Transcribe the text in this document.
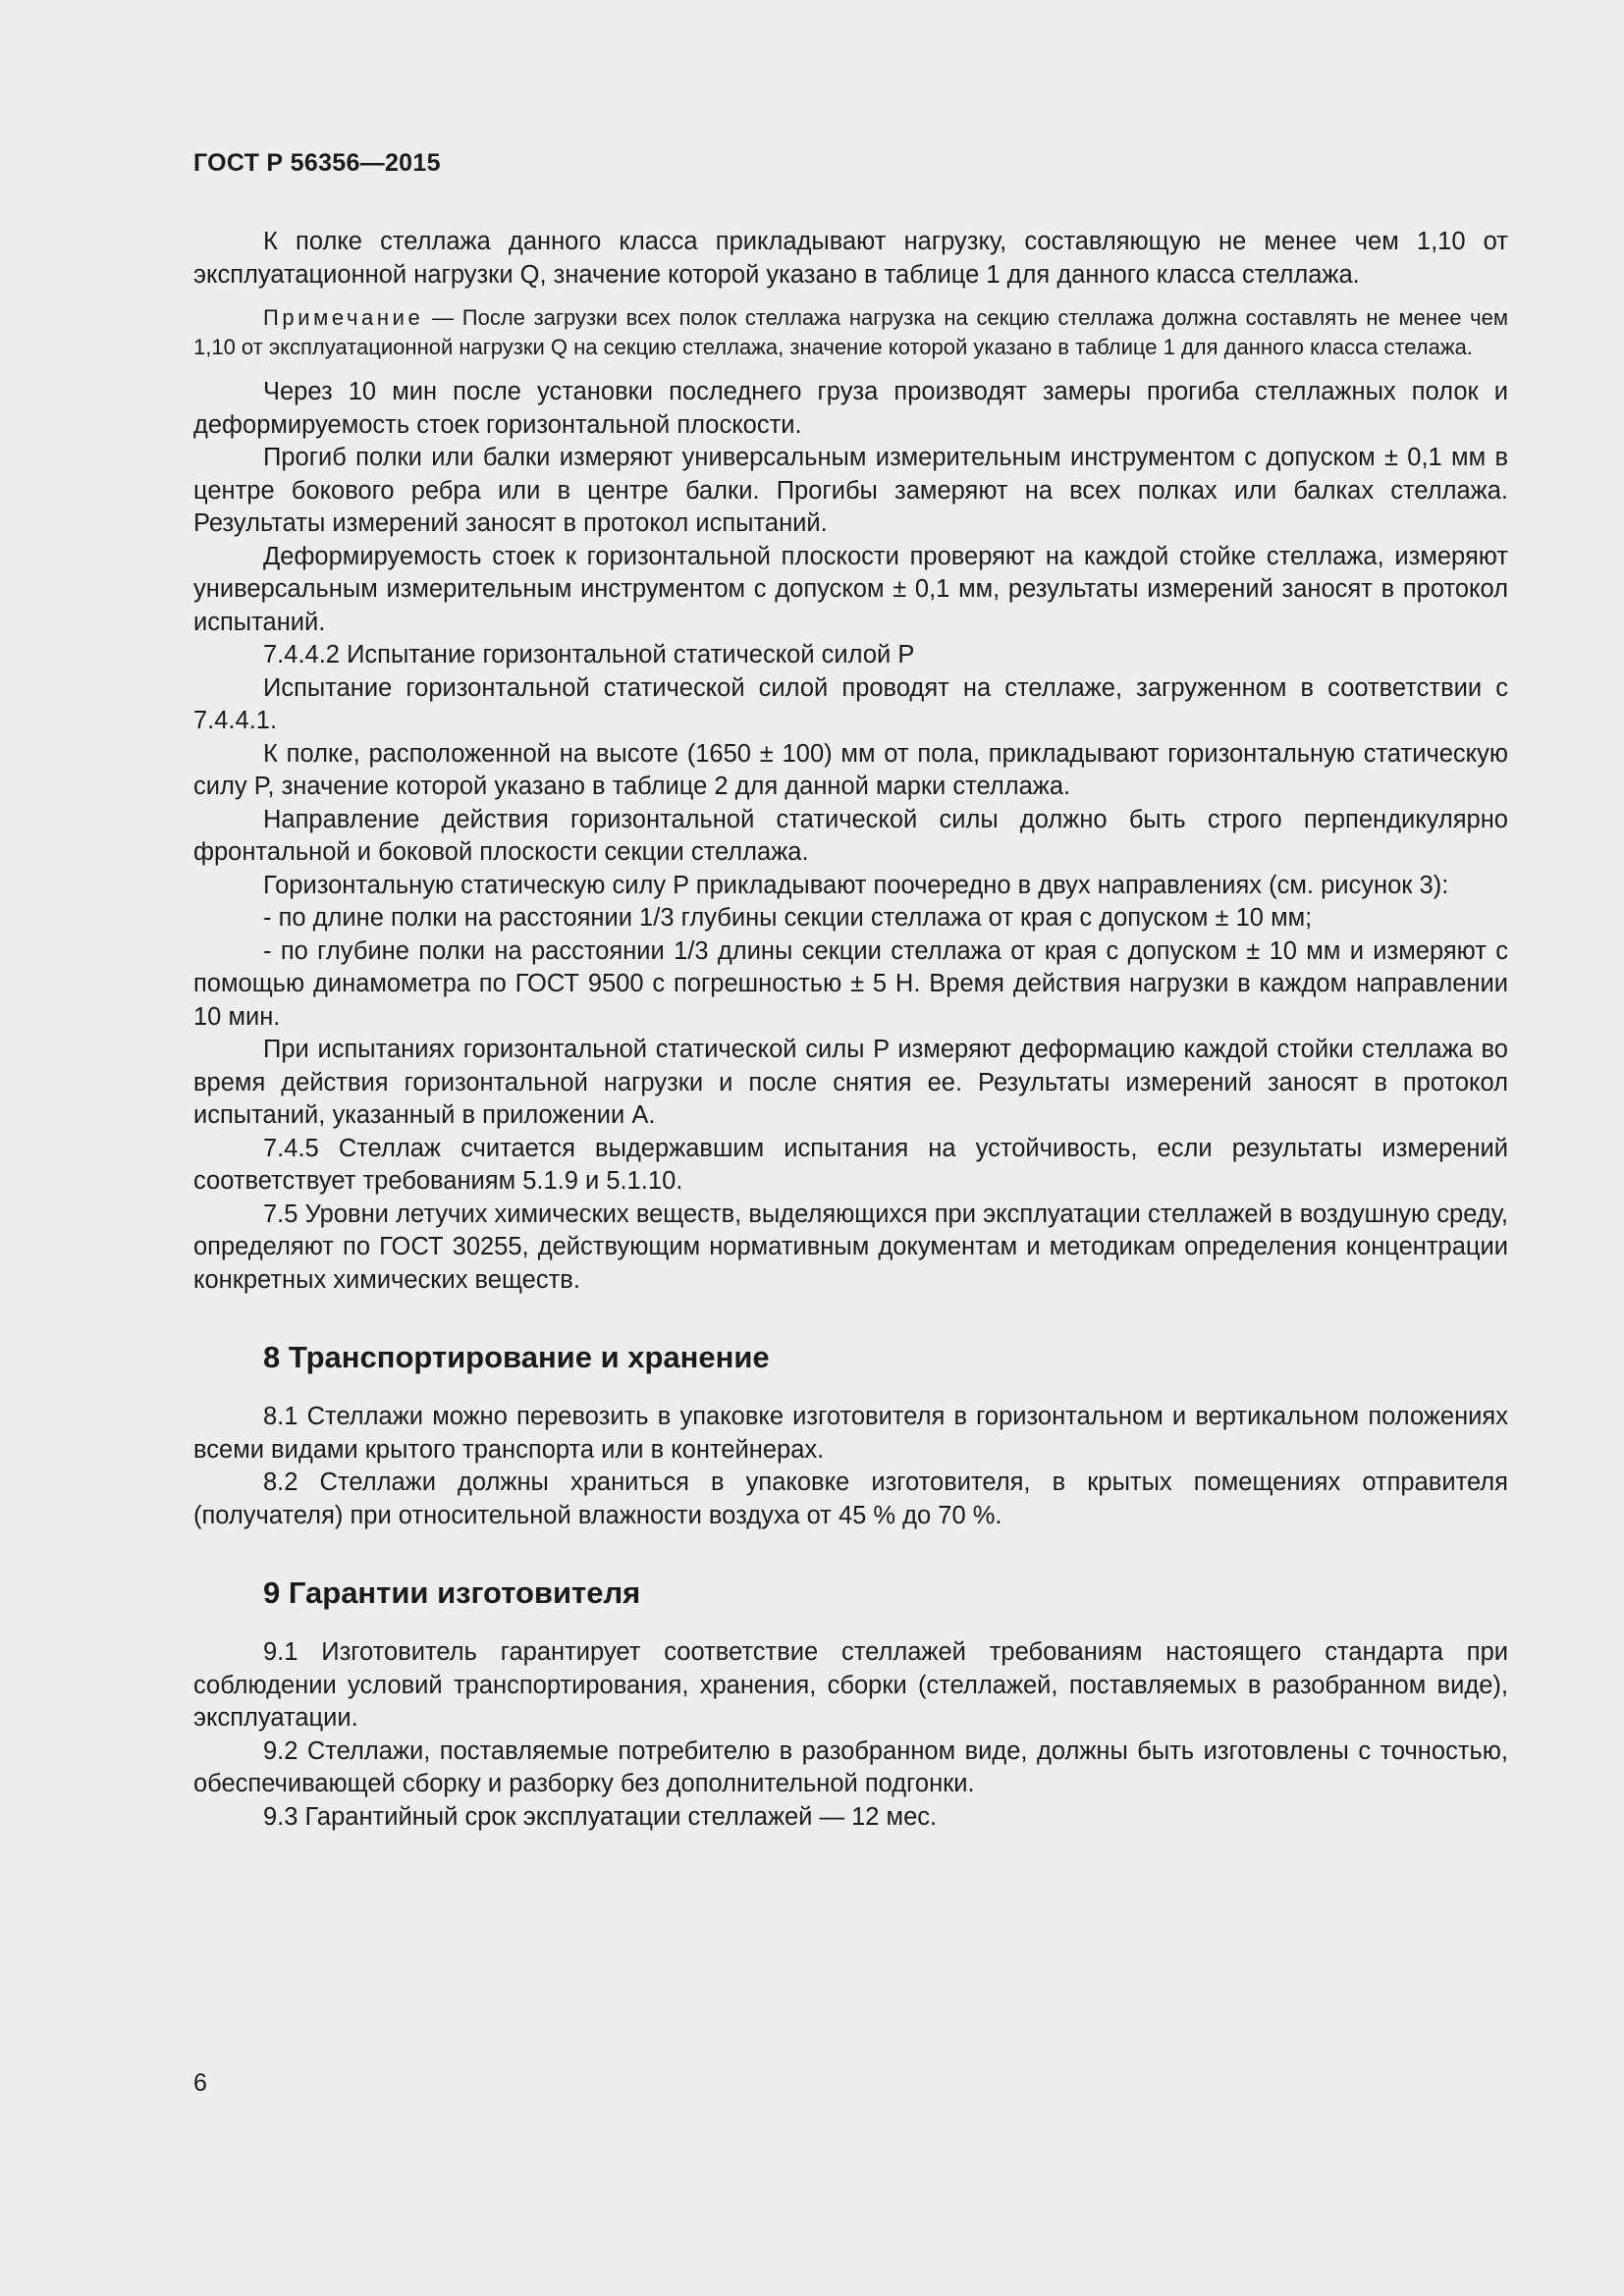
ГОСТ Р 56356—2015

К полке стеллажа данного класса прикладывают нагрузку, составляющую не менее чем 1,10 от эксплуатационной нагрузки Q, значение которой указано в таблице 1 для данного класса стеллажа.

Примечание — После загрузки всех полок стеллажа нагрузка на секцию стеллажа должна составлять не менее чем 1,10 от эксплуатационной нагрузки Q на секцию стеллажа, значение которой указано в таблице 1 для данного класса стелажа.

Через 10 мин после установки последнего груза производят замеры прогиба стеллажных полок и деформируемость стоек горизонтальной плоскости.

Прогиб полки или балки измеряют универсальным измерительным инструментом с допуском ± 0,1 мм в центре бокового ребра или в центре балки. Прогибы замеряют на всех полках или балках стеллажа. Результаты измерений заносят в протокол испытаний.

Деформируемость стоек к горизонтальной плоскости проверяют на каждой стойке стеллажа, измеряют универсальным измерительным инструментом с допуском ± 0,1 мм, результаты измерений заносят в протокол испытаний.

7.4.4.2 Испытание горизонтальной статической силой P

Испытание горизонтальной статической силой проводят на стеллаже, загруженном в соответствии с 7.4.4.1.

К полке, расположенной на высоте (1650 ± 100) мм от пола, прикладывают горизонтальную статическую силу P, значение которой указано в таблице 2 для данной марки стеллажа.

Направление действия горизонтальной статической силы должно быть строго перпендикулярно фронтальной и боковой плоскости секции стеллажа.

Горизонтальную статическую силу P прикладывают поочередно в двух направлениях (см. рисунок 3):

- по длине полки на расстоянии 1/3 глубины секции стеллажа от края с допуском ± 10 мм;

- по глубине полки на расстоянии 1/3 длины секции стеллажа от края с допуском ± 10 мм и измеряют с помощью динамометра по ГОСТ 9500 с погрешностью ± 5 Н. Время действия нагрузки в каждом направлении 10 мин.

При испытаниях горизонтальной статической силы P измеряют деформацию каждой стойки стеллажа во время действия горизонтальной нагрузки и после снятия ее. Результаты измерений заносят в протокол испытаний, указанный в приложении А.

7.4.5 Стеллаж считается выдержавшим испытания на устойчивость, если результаты измерений соответствует требованиям 5.1.9 и 5.1.10.

7.5 Уровни летучих химических веществ, выделяющихся при эксплуатации стеллажей в воздушную среду, определяют по ГОСТ 30255, действующим нормативным документам и методикам определения концентрации конкретных химических веществ.

8 Транспортирование и хранение

8.1 Стеллажи можно перевозить в упаковке изготовителя в горизонтальном и вертикальном положениях всеми видами крытого транспорта или в контейнерах.

8.2 Стеллажи должны храниться в упаковке изготовителя, в крытых помещениях отправителя (получателя) при относительной влажности воздуха от 45 % до 70 %.

9 Гарантии изготовителя

9.1 Изготовитель гарантирует соответствие стеллажей требованиям настоящего стандарта при соблюдении условий транспортирования, хранения, сборки (стеллажей, поставляемых в разобранном виде), эксплуатации.

9.2 Стеллажи, поставляемые потребителю в разобранном виде, должны быть изготовлены с точностью, обеспечивающей сборку и разборку без дополнительной подгонки.

9.3 Гарантийный срок эксплуатации стеллажей — 12 мес.

6
